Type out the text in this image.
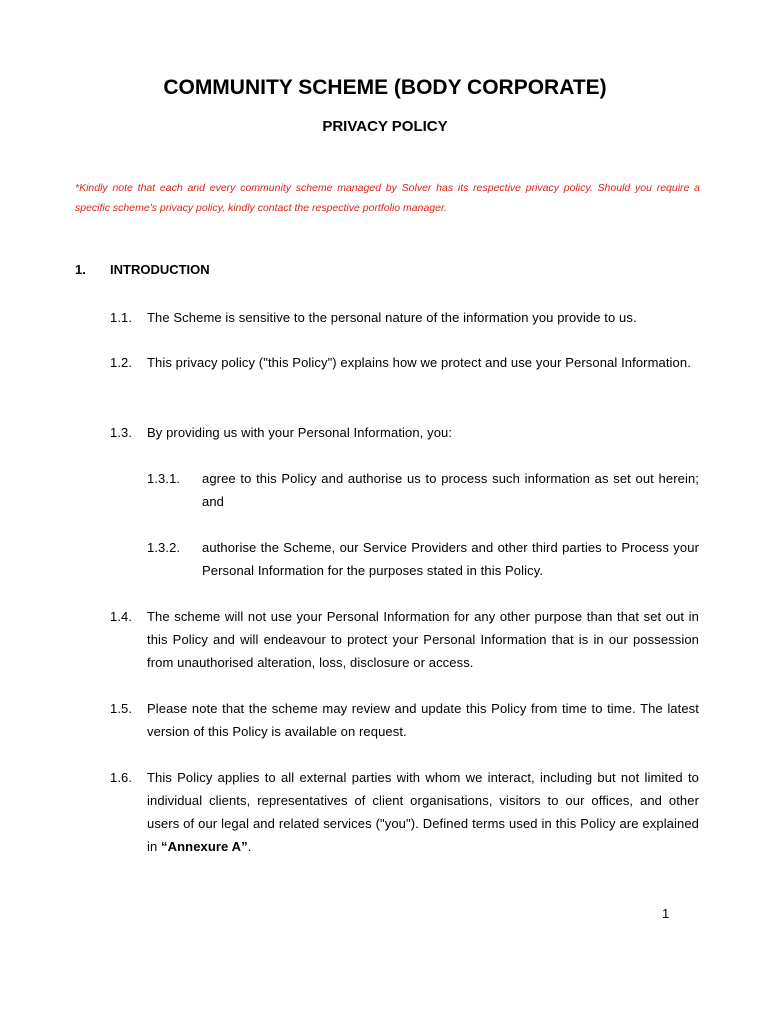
COMMUNITY SCHEME (BODY CORPORATE)
PRIVACY POLICY

*Kindly note that each and every community scheme managed by Solver has its respective privacy policy. Should you require a specific scheme's privacy policy, kindly contact the respective portfolio manager.

1. INTRODUCTION
1.1. The Scheme is sensitive to the personal nature of the information you provide to us.
1.2. This privacy policy ("this Policy") explains how we protect and use your Personal Information.
1.3. By providing us with your Personal Information, you:
1.3.1. agree to this Policy and authorise us to process such information as set out herein; and
1.3.2. authorise the Scheme, our Service Providers and other third parties to Process your Personal Information for the purposes stated in this Policy.
1.4. The scheme will not use your Personal Information for any other purpose than that set out in this Policy and will endeavour to protect your Personal Information that is in our possession from unauthorised alteration, loss, disclosure or access.
1.5. Please note that the scheme may review and update this Policy from time to time. The latest version of this Policy is available on request.
1.6. This Policy applies to all external parties with whom we interact, including but not limited to individual clients, representatives of client organisations, visitors to our offices, and other users of our legal and related services ("you"). Defined terms used in this Policy are explained in “Annexure A”.
1
